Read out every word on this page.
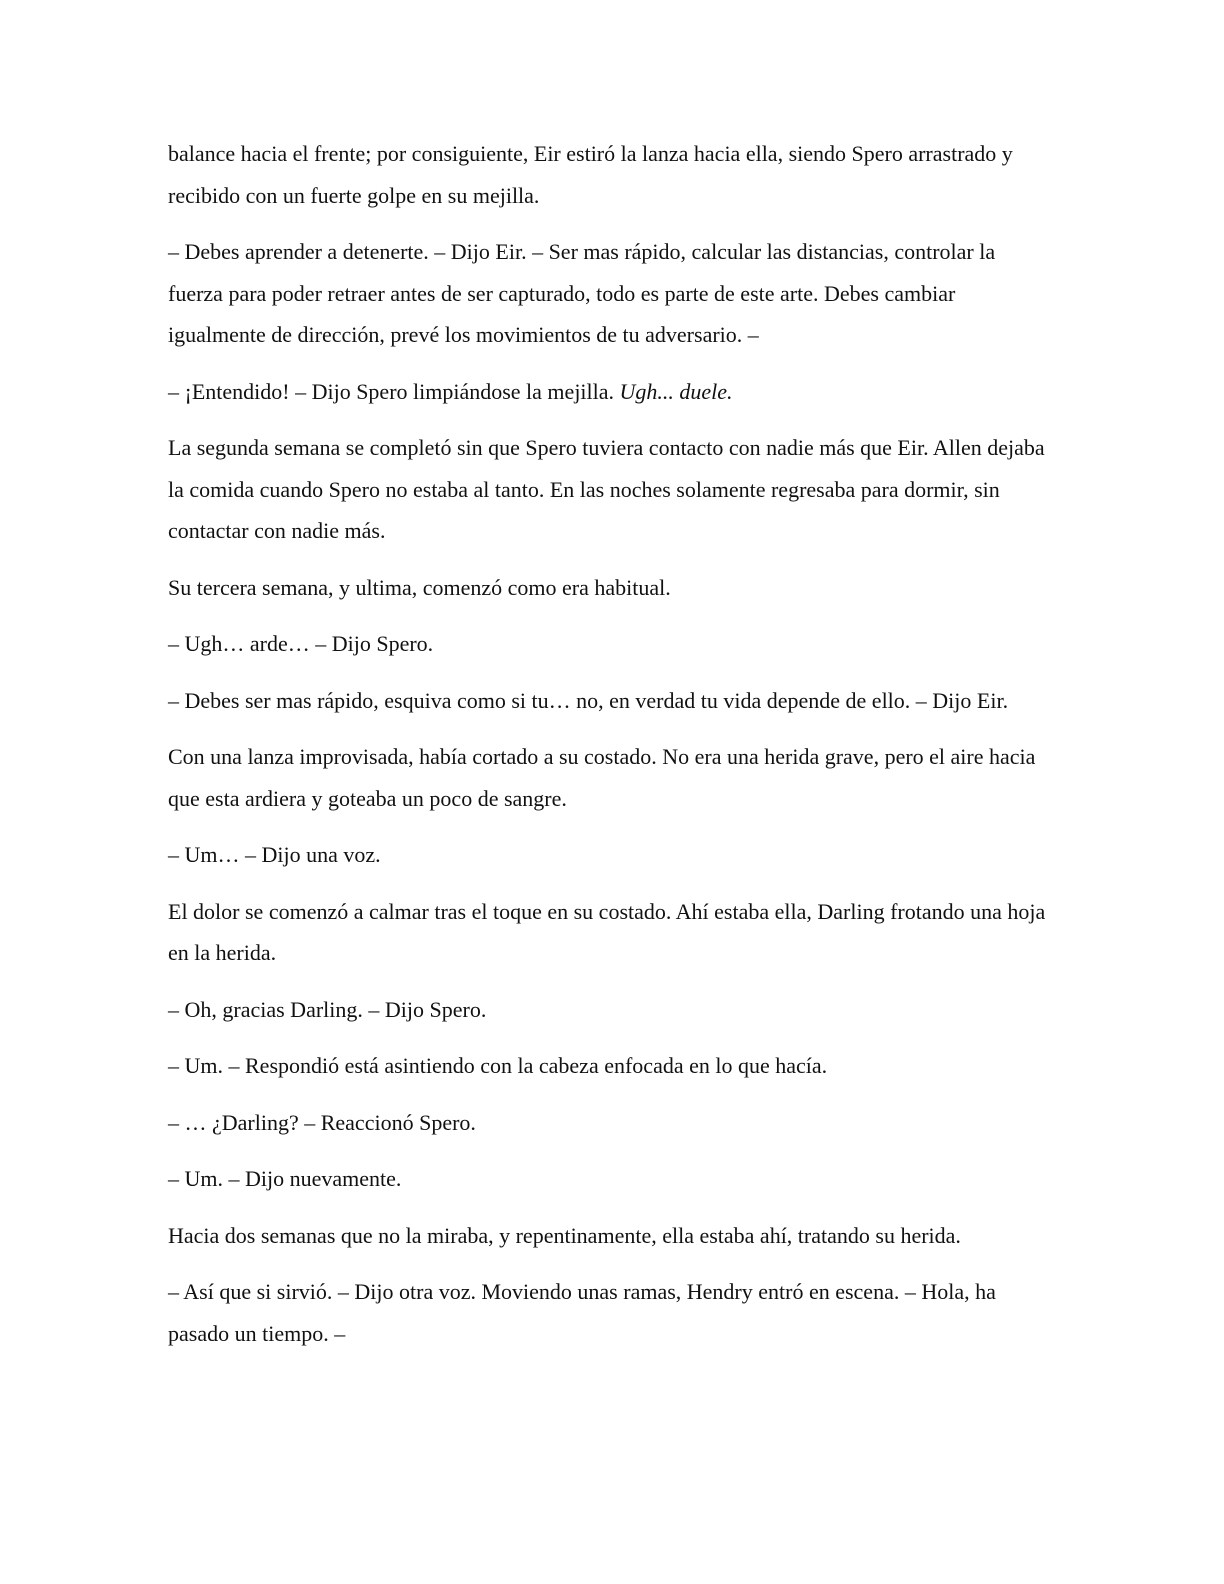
balance hacia el frente; por consiguiente, Eir estiró la lanza hacia ella, siendo Spero arrastrado y recibido con un fuerte golpe en su mejilla.

– Debes aprender a detenerte. – Dijo Eir. – Ser mas rápido, calcular las distancias, controlar la fuerza para poder retraer antes de ser capturado, todo es parte de este arte. Debes cambiar igualmente de dirección, prevé los movimientos de tu adversario. –

– ¡Entendido! – Dijo Spero limpiándose la mejilla. Ugh... duele.

La segunda semana se completó sin que Spero tuviera contacto con nadie más que Eir. Allen dejaba la comida cuando Spero no estaba al tanto. En las noches solamente regresaba para dormir, sin contactar con nadie más.

Su tercera semana, y ultima, comenzó como era habitual.

– Ugh… arde… – Dijo Spero.

– Debes ser mas rápido, esquiva como si tu… no, en verdad tu vida depende de ello. – Dijo Eir.

Con una lanza improvisada, había cortado a su costado. No era una herida grave, pero el aire hacia que esta ardiera y goteaba un poco de sangre.

– Um… – Dijo una voz.

El dolor se comenzó a calmar tras el toque en su costado. Ahí estaba ella, Darling frotando una hoja en la herida.

– Oh, gracias Darling. – Dijo Spero.

– Um. – Respondió está asintiendo con la cabeza enfocada en lo que hacía.

– … ¿Darling? – Reaccionó Spero.

– Um. – Dijo nuevamente.

Hacia dos semanas que no la miraba, y repentinamente, ella estaba ahí, tratando su herida.

– Así que si sirvió. – Dijo otra voz. Moviendo unas ramas, Hendry entró en escena. – Hola, ha pasado un tiempo. –
